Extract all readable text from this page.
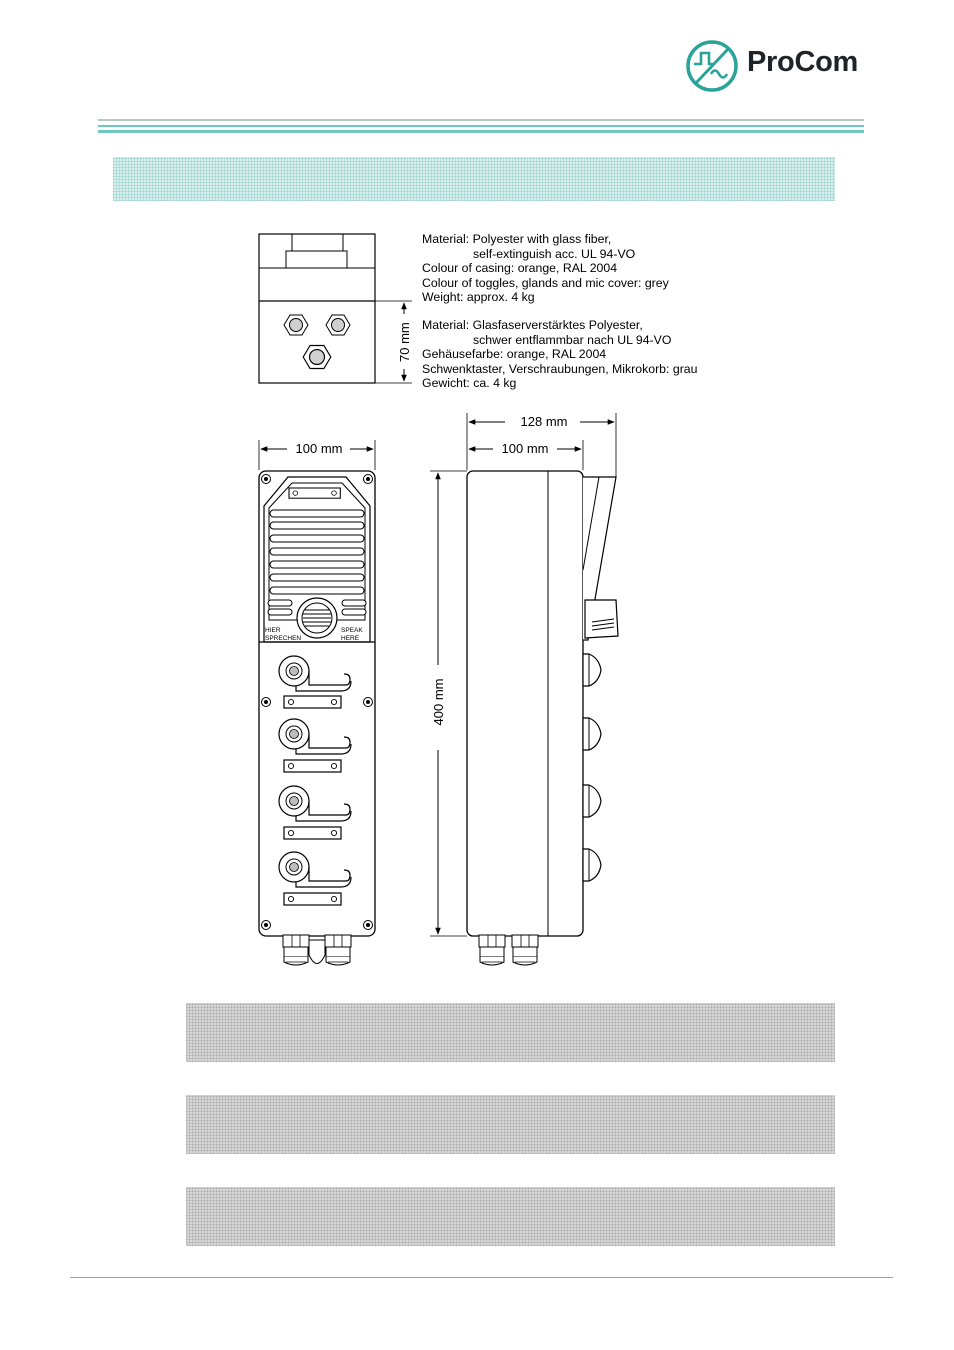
ProCom
Material: Polyester with glass fiber,
self-extinguish acc. UL 94-VO
Colour of casing: orange, RAL 2004
Colour of toggles, glands and mic cover: grey
Weight: approx. 4 kg
Material: Glasfaserverstärktes Polyester,
schwer entflammbar nach UL 94-VO
Gehäusefarbe: orange, RAL 2004
Schwenktaster, Verschraubungen, Mikrokorb: grau
Gewicht: ca. 4 kg
70 mm
100 mm
HIER
SPRECHEN
SPEAK
HERE
128 mm
100 mm
400 mm
